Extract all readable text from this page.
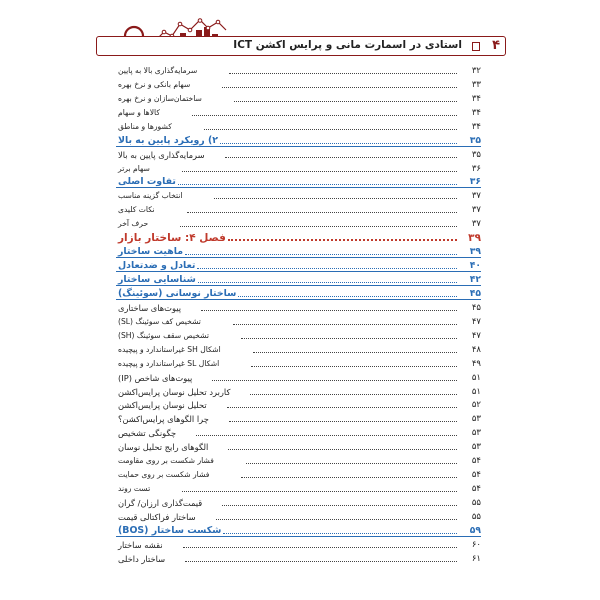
۴
استادی در اسمارت مانی و پرایس اکشن ICT
سرمایه‌گذاری بالا به پایین	۳۲
سهام بانکی و نرخ بهره	۳۳
ساختمان‌سازان و نرخ بهره	۳۴
کالاها و سهام	۳۴
کشورها و مناطق	۳۴
۲) رویکرد پایین به بالا	۳۵
سرمایه‌گذاری پایین به بالا	۳۵
سهام برتر	۳۶
تفاوت اصلی	۳۶
انتخاب گزینه مناسب	۳۷
نکات کلیدی	۳۷
حرف آخر	۳۷
فصل ۴: ساختار بازار	۳۹
ماهیت ساختار	۳۹
تعادل و ضدتعادل	۴۰
شناسایی ساختار	۴۲
ساختار نوسانی (سوئینگ)	۴۵
پیوت‌های ساختاری	۴۵
تشخیص کف سوئینگ (SL)	۴۷
تشخیص سقف سوئینگ (SH)	۴۷
اشکال SH غیراستاندارد و پیچیده	۴۸
اشکال SL غیراستاندارد و پیچیده	۴۹
پیوت‌های شاخص (IP)	۵۱
کاربرد تحلیل نوسان پرایس‌اکشن	۵۱
تحلیل نوسان پرایس‌اکشن	۵۲
چرا الگوهای پرایس‌اکشن؟	۵۳
چگونگی تشخیص	۵۳
الگوهای رایج تحلیل نوسان	۵۳
فشار شکست بر روی مقاومت	۵۴
فشار شکست بر روی حمایت	۵۴
تست روند	۵۴
قیمت‌گذاری ارزان/ گران	۵۵
ساختار فراکتالی قیمت	۵۵
شکست ساختار (BOS)	۵۹
نقشه ساختار	۶۰
ساختار داخلی	۶۱
